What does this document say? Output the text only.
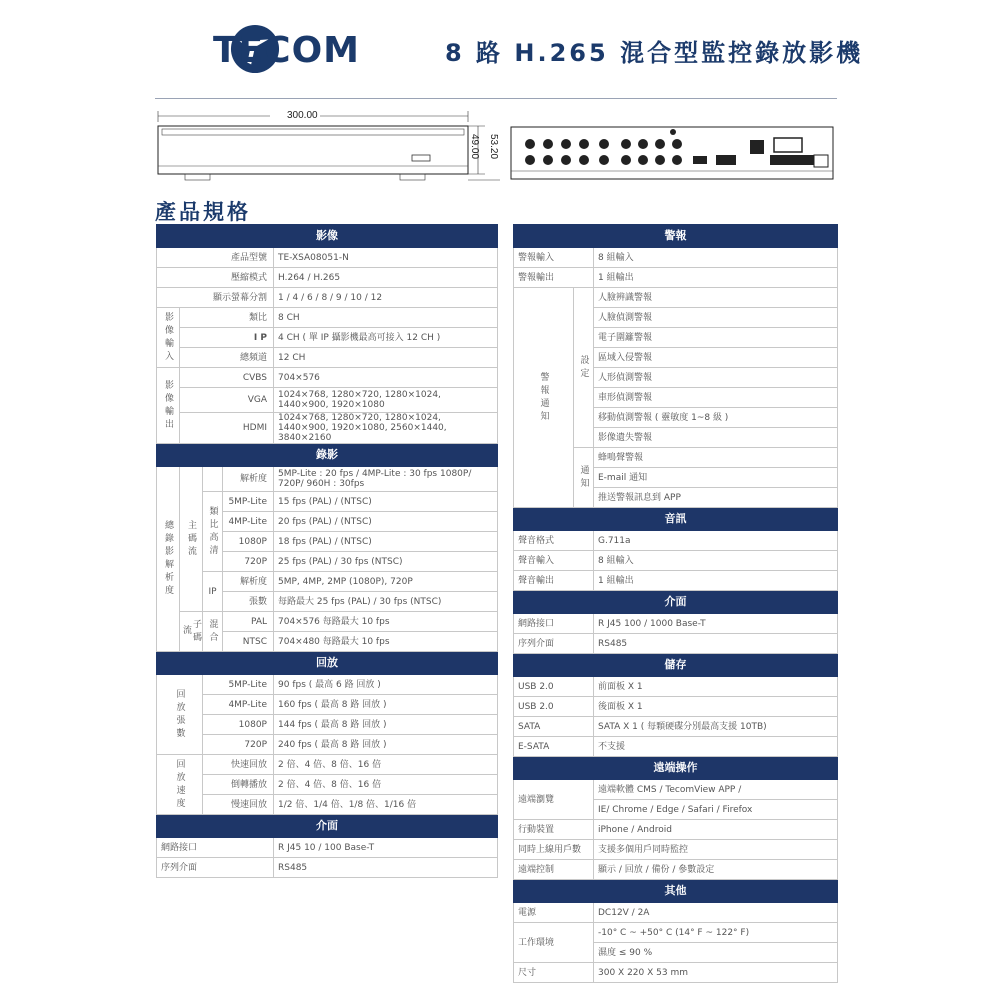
TECOM	8 路 H.265 混合型監控錄放影機
300.00
49.00 53.20
產品規格
影像				
產品型號				TE-XSA08051-N
壓縮模式				H.264 / H.265
顯示螢幕分割				1 / 4 / 6 / 8 / 9 / 10 / 12
影像輸入	類比			8 CH
	I P			4 CH ( 單 IP 攝影機最高可接入 12 CH )
	總頻道			12 CH
影像輸出	CVBS			704×576
	VGA			1024×768, 1280×720, 1280×1024, 1440×900, 1920×1080
	HDMI			1024×768, 1280×720, 1280×1024, 1440×900, 1920×1080, 2560×1440, 3840×2160
錄影				
總錄影解析度	主碼流		解析度	5MP-Lite : 20 fps / 4MP-Lite : 30 fps 1080P/ 720P/ 960H : 30fps
		類比高清	5MP-Lite	15 fps (PAL) / (NTSC)
			4MP-Lite	20 fps (PAL) / (NTSC)
			1080P	18 fps (PAL) / (NTSC)
			720P	25 fps (PAL) / 30 fps (NTSC)
		IP	解析度	5MP, 4MP, 2MP (1080P), 720P
			張數	每路最大 25 fps (PAL) / 30 fps (NTSC)
	子碼流	混合	PAL	704×576 每路最大 10 fps
			NTSC	704×480 每路最大 10 fps
回放				
回放張數		5MP-Lite		90 fps ( 最高 6 路 回放 )
		4MP-Lite		160 fps ( 最高 8 路 回放 )
		1080P		144 fps ( 最高 8 路 回放 )
		720P		240 fps ( 最高 8 路 回放 )
回放速度		快速回放		2 倍、4 倍、8 倍、16 倍
		倒轉播放		2 倍、4 倍、8 倍、16 倍
		慢速回放		1/2 倍、1/4 倍、1/8 倍、1/16 倍
介面				
網路接口				R J45 10 / 100 Base-T
序列介面				RS485
警報		
警報輸入		8 組輸入
警報輸出		1 組輸出
警報通知	設定	人臉辨識警報
		人臉偵測警報
		電子圍籬警報
		區域入侵警報
		人形偵測警報
		車形偵測警報
		移動偵測警報 ( 靈敏度 1~8 級 )
		影像遺失警報
	通知	蜂鳴聲警報
		E-mail 通知
		推送警報訊息到 APP
音訊		
聲音格式		G.711a
聲音輸入		8 組輸入
聲音輸出		1 組輸出
介面		
網路接口		R J45 100 / 1000 Base-T
序列介面		RS485
儲存		
USB 2.0		前面板 X 1
USB 2.0		後面板 X 1
SATA		SATA X 1 ( 每顆硬碟分別最高支援 10TB)
E-SATA		不支援
遠端操作		
遠端瀏覽		遠端軟體 CMS / TecomView APP /
		IE/ Chrome / Edge / Safari / Firefox
行動裝置		iPhone / Android
同時上線用戶數		支援多個用戶同時監控
遠端控制		顯示 / 回放 / 備份 / 參數設定
其他		
電源		DC12V / 2A
工作環境		-10° C ~ +50° C (14° F ~ 122° F)
		濕度 ≤ 90 %
尺寸		300 X 220 X 53 mm
